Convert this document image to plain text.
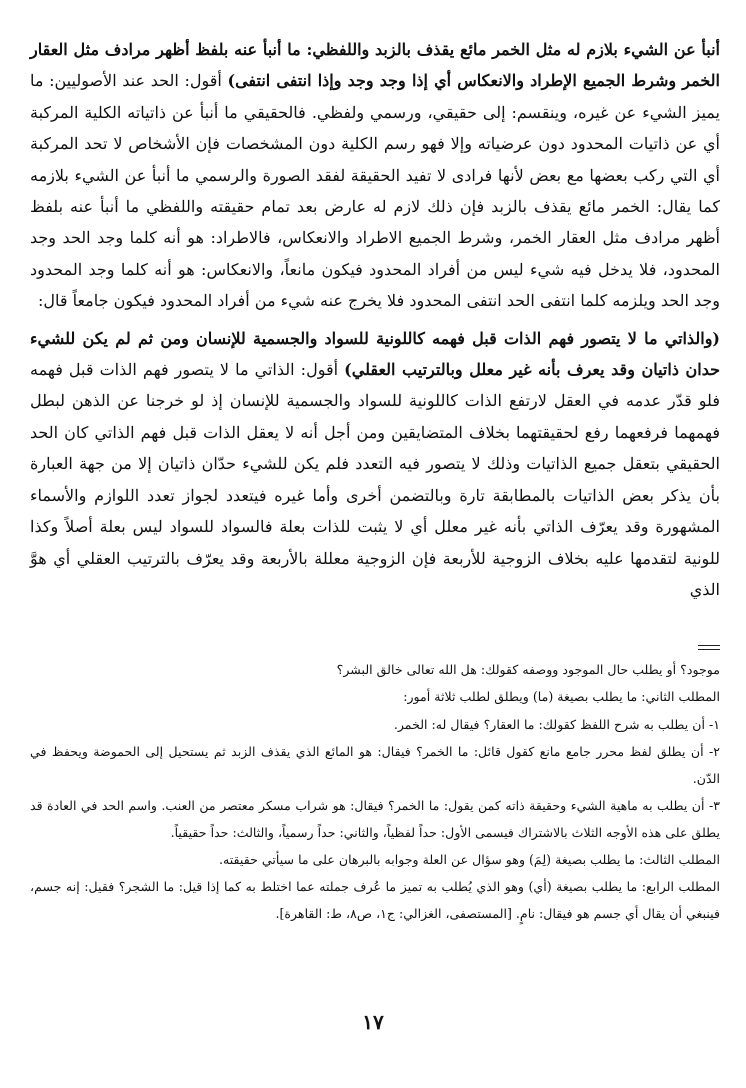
أنبأ عن الشيء بلازم له مثل الخمر مائع يقذف بالزبد واللفظي: ما أنبأ عنه بلفظ أظهر مرادف مثل العقار الخمر وشرط الجميع الإطراد والانعكاس أي إذا وجد وجد وإذا انتفى انتفى) أقول: الحد عند الأصوليين: ما يميز الشيء عن غيره، وينقسم: إلى حقيقي، ورسمي ولفظي. فالحقيقي ما أنبأ عن ذاتياته الكلية المركبة أي عن ذاتيات المحدود دون عرضياته وإلا فهو رسم الكلية دون المشخصات فإن الأشخاص لا تحد المركبة أي التي ركب بعضها مع بعض لأنها فرادى لا تفيد الحقيقة لفقد الصورة والرسمي ما أنبأ عن الشيء بلازمه كما يقال: الخمر مائع يقذف بالزبد فإن ذلك لازم له عارض بعد تمام حقيقته واللفظي ما أنبأ عنه بلفظ أظهر مرادف مثل العقار الخمر، وشرط الجميع الاطراد والانعكاس، فالاطراد: هو أنه كلما وجد الحد وجد المحدود، فلا يدخل فيه شيء ليس من أفراد المحدود فيكون مانعاً، والانعكاس: هو أنه كلما وجد المحدود وجد الحد ويلزمه كلما انتفى الحد انتفى المحدود فلا يخرج عنه شيء من أفراد المحدود فيكون جامعاً قال:

(والذاتي ما لا يتصور فهم الذات قبل فهمه كاللونية للسواد والجسمية للإنسان ومن ثم لم يكن للشيء حدان ذاتيان وقد يعرف بأنه غير معلل وبالترتيب العقلي) أقول: الذاتي ما لا يتصور فهم الذات قبل فهمه فلو قدّر عدمه في العقل لارتفع الذات كاللونية للسواد والجسمية للإنسان إذ لو خرجنا عن الذهن لبطل فهمهما فرفعهما رفع لحقيقتهما بخلاف المتضايقين ومن أجل أنه لا يعقل الذات قبل فهم الذاتي كان الحد الحقيقي بتعقل جميع الذاتيات وذلك لا يتصور فيه التعدد فلم يكن للشيء حدّان ذاتيان إلا من جهة العبارة بأن يذكر بعض الذاتيات بالمطابقة تارة وبالتضمن أخرى وأما غيره فيتعدد لجواز تعدد اللوازم والأسماء المشهورة وقد يعرّف الذاتي بأنه غير معلل أي لا يثبت للذات بعلة فالسواد للسواد ليس بعلة أصلاً وكذا للونية لتقدمها عليه بخلاف الزوجية للأربعة فإن الزوجية معللة بالأربعة وقد يعرّف بالترتيب العقلي أي هوَّ الذي

موجود؟ أو يطلب حال الموجود ووصفه كقولك: هل الله تعالى خالق البشر؟

المطلب الثاني: ما يطلب بصيغة (ما) ويطلق لطلب ثلاثة أمور:

١- أن يطلب به شرح اللفظ كقولك: ما العقار؟ فيقال له: الخمر.

٢- أن يطلق لفظ محرر جامع مانع كقول قائل: ما الخمر؟ فيقال: هو المائع الذي يقذف الزبد ثم يستحيل إلى الحموضة ويحفظ في الدّن.

٣- أن يطلب به ماهية الشيء وحقيقة ذاته كمن يقول: ما الخمر؟ فيقال: هو شراب مسكر معتصر من العنب. واسم الحد في العادة قد يطلق على هذه الأوجه الثلاث بالاشتراك فيسمى الأول: حداً لفظياً، والثاني: حداً رسمياً، والثالث: حداً حقيقياً.

المطلب الثالث: ما يطلب بصيغة (لِمَ) وهو سؤال عن العلة وجوابه بالبرهان على ما سيأتي حقيقته.

المطلب الرابع: ما يطلب بصيغة (أي) وهو الذي يُطلب به تميز ما عُرف جملته عما اختلط به كما إذا قيل: ما الشجر؟ فقيل: إنه جسم، فينبغي أن يقال أي جسم هو فيقال: نامٍ. [المستصفى، الغزالي: ج١، ص٨، ط: القاهرة].

١٧
